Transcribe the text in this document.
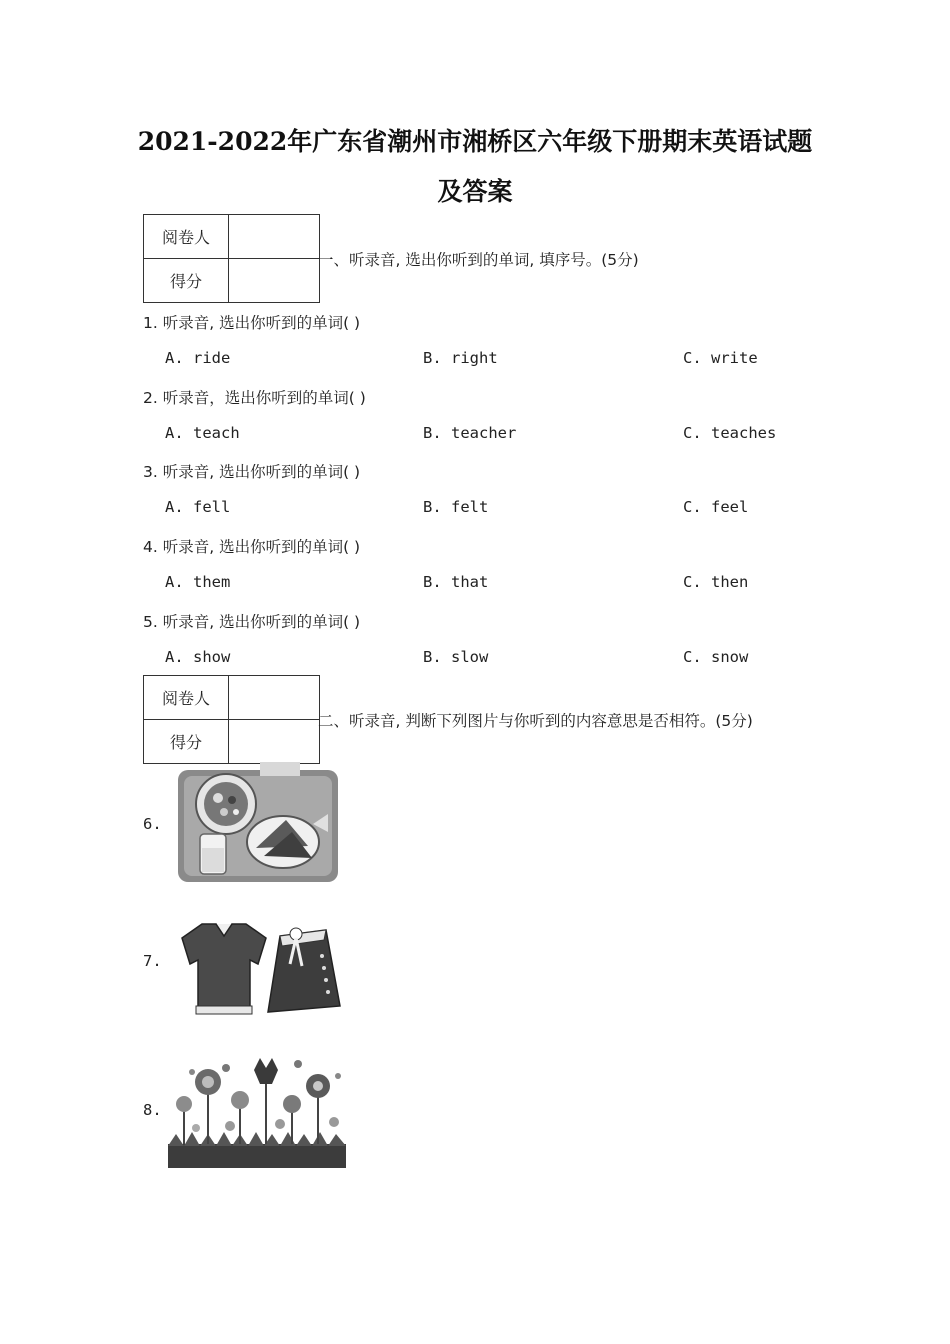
2021-2022年广东省潮州市湘桥区六年级下册期末英语试题
及答案
阅卷人	
得分	
一、听录音, 选出你听到的单词, 填序号。(5分)
1. 听录音, 选出你听到的单词( )
A. ride	B. right	C. write
2. 听录音，选出你听到的单词( )
A. teach	B. teacher	C. teaches
3. 听录音, 选出你听到的单词( )
A. fell	B. felt	C. feel
4. 听录音, 选出你听到的单词( )
A. them	B. that	C. then
5. 听录音, 选出你听到的单词( )
A. show	B. slow	C. snow
阅卷人	
得分	
二、听录音, 判断下列图片与你听到的内容意思是否相符。(5分)
6.
7.
8.
